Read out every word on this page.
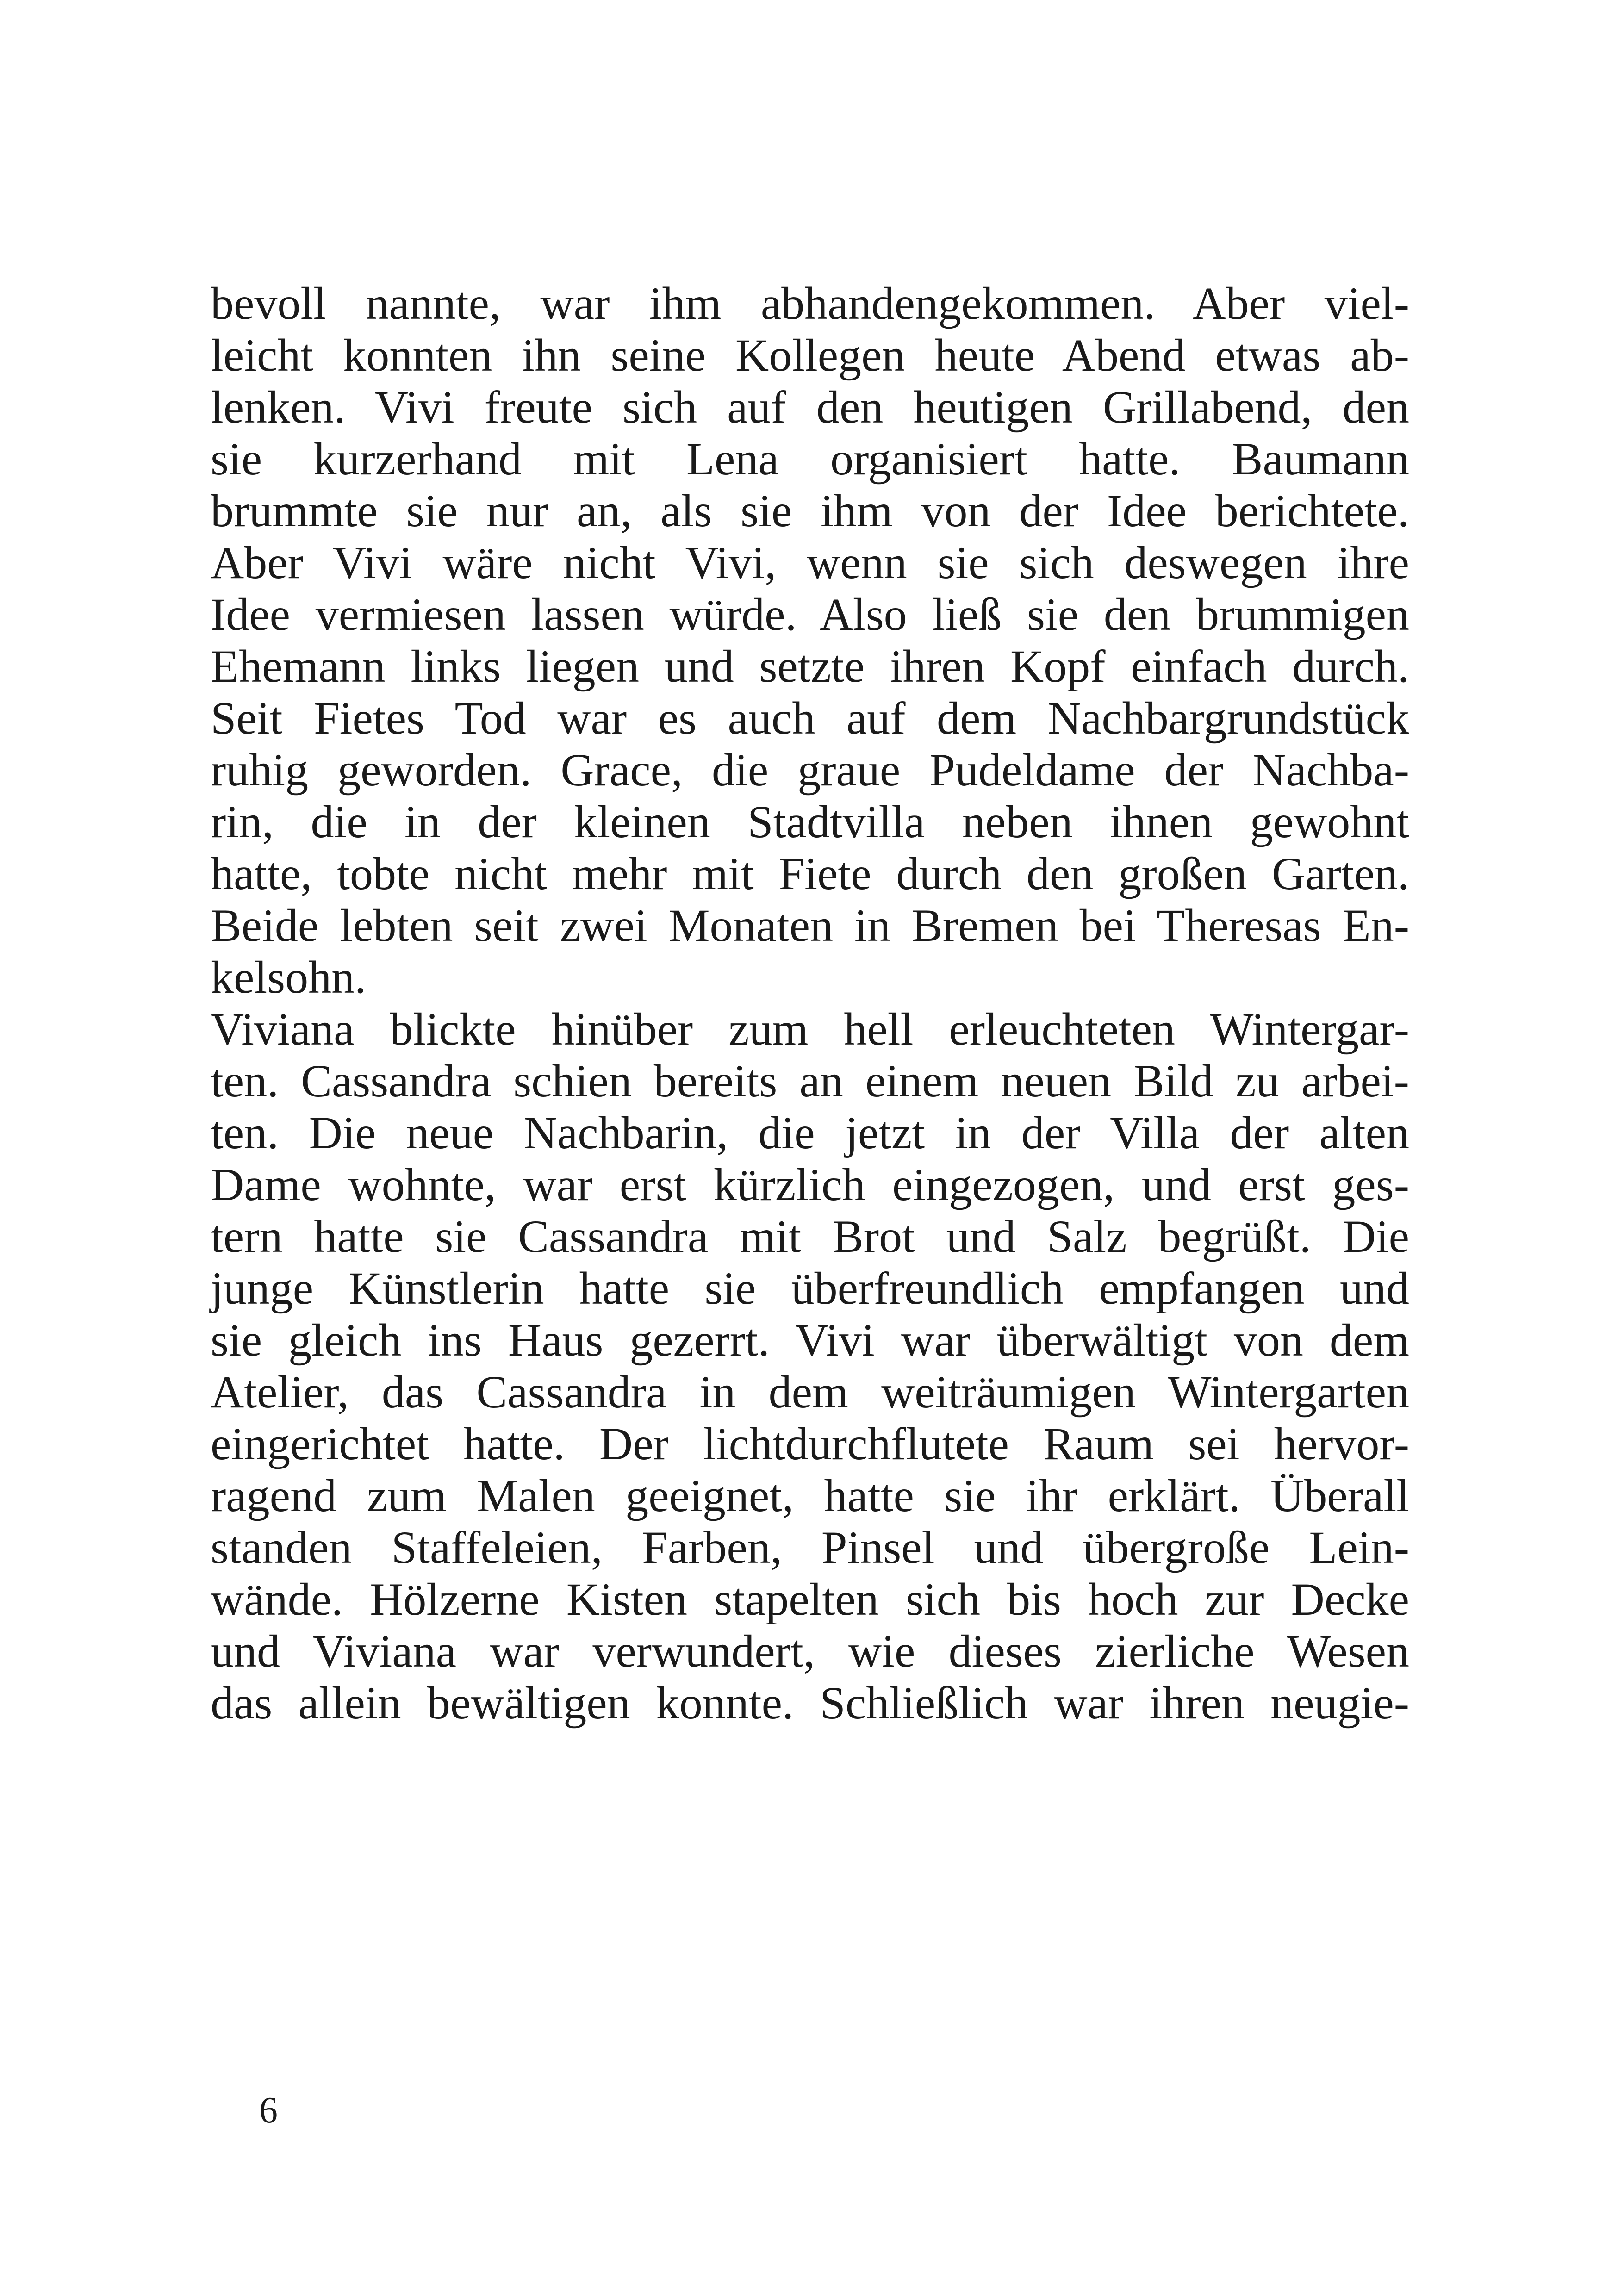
bevoll nannte, war ihm abhandengekommen. Aber viel-
leicht konnten ihn seine Kollegen heute Abend etwas ab-
lenken. Vivi freute sich auf den heutigen Grillabend, den
sie kurzerhand mit Lena organisiert hatte. Baumann
brummte sie nur an, als sie ihm von der Idee berichtete.
Aber Vivi wäre nicht Vivi, wenn sie sich deswegen ihre
Idee vermiesen lassen würde. Also ließ sie den brummigen
Ehemann links liegen und setzte ihren Kopf einfach durch.
Seit Fietes Tod war es auch auf dem Nachbargrundstück
ruhig geworden. Grace, die graue Pudeldame der Nachba-
rin, die in der kleinen Stadtvilla neben ihnen gewohnt
hatte, tobte nicht mehr mit Fiete durch den großen Garten.
Beide lebten seit zwei Monaten in Bremen bei Theresas En-
kelsohn.
Viviana blickte hinüber zum hell erleuchteten Wintergar-
ten. Cassandra schien bereits an einem neuen Bild zu arbei-
ten. Die neue Nachbarin, die jetzt in der Villa der alten
Dame wohnte, war erst kürzlich eingezogen, und erst ges-
tern hatte sie Cassandra mit Brot und Salz begrüßt. Die
junge Künstlerin hatte sie überfreundlich empfangen und
sie gleich ins Haus gezerrt. Vivi war überwältigt von dem
Atelier, das Cassandra in dem weiträumigen Wintergarten
eingerichtet hatte. Der lichtdurchflutete Raum sei hervor-
ragend zum Malen geeignet, hatte sie ihr erklärt. Überall
standen Staffeleien, Farben, Pinsel und übergroße Lein-
wände. Hölzerne Kisten stapelten sich bis hoch zur Decke
und Viviana war verwundert, wie dieses zierliche Wesen
das allein bewältigen konnte. Schließlich war ihren neugie-
6
